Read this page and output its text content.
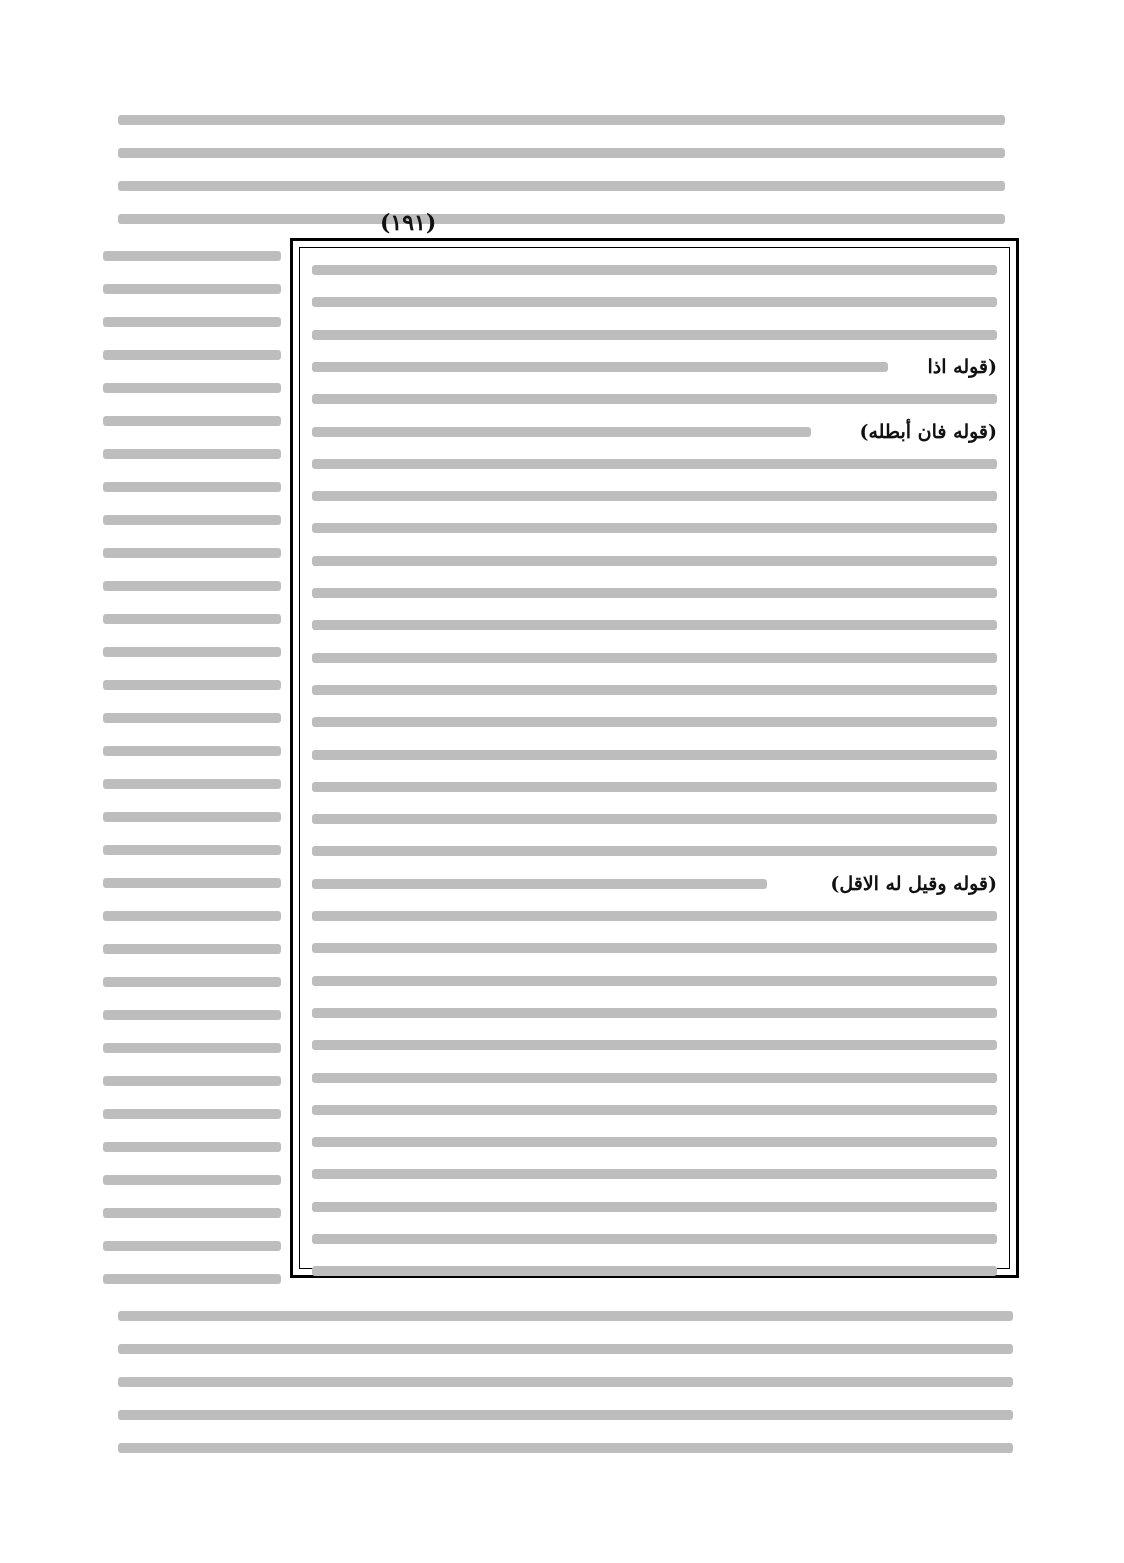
(١٩١)
(قوله اذا
(قوله فان أبطله)
(قوله وقيل له الاقل)
